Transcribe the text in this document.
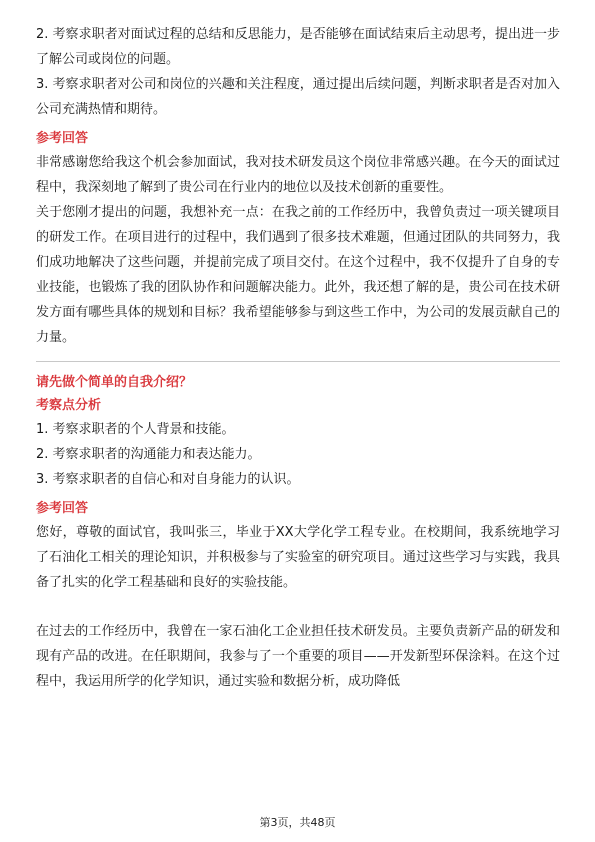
2. 考察求职者对面试过程的总结和反思能力，是否能够在面试结束后主动思考，提出进一步了解公司或岗位的问题。

3. 考察求职者对公司和岗位的兴趣和关注程度，通过提出后续问题，判断求职者是否对加入公司充满热情和期待。

参考回答

非常感谢您给我这个机会参加面试，我对技术研发员这个岗位非常感兴趣。在今天的面试过程中，我深刻地了解到了贵公司在行业内的地位以及技术创新的重要性。

关于您刚才提出的问题，我想补充一点：在我之前的工作经历中，我曾负责过一项关键项目的研发工作。在项目进行的过程中，我们遇到了很多技术难题，但通过团队的共同努力，我们成功地解决了这些问题，并提前完成了项目交付。在这个过程中，我不仅提升了自身的专业技能，也锻炼了我的团队协作和问题解决能力。此外，我还想了解的是，贵公司在技术研发方面有哪些具体的规划和目标？我希望能够参与到这些工作中，为公司的发展贡献自己的力量。

请先做个简单的自我介绍？

考察点分析

1. 考察求职者的个人背景和技能。

2. 考察求职者的沟通能力和表达能力。

3. 考察求职者的自信心和对自身能力的认识。

参考回答

您好，尊敬的面试官，我叫张三，毕业于XX大学化学工程专业。在校期间，我系统地学习了石油化工相关的理论知识，并积极参与了实验室的研究项目。通过这些学习与实践，我具备了扎实的化学工程基础和良好的实验技能。

在过去的工作经历中，我曾在一家石油化工企业担任技术研发员。主要负责新产品的研发和现有产品的改进。在任职期间，我参与了一个重要的项目——开发新型环保涂料。在这个过程中，我运用所学的化学知识，通过实验和数据分析，成功降低

第3页，共48页
